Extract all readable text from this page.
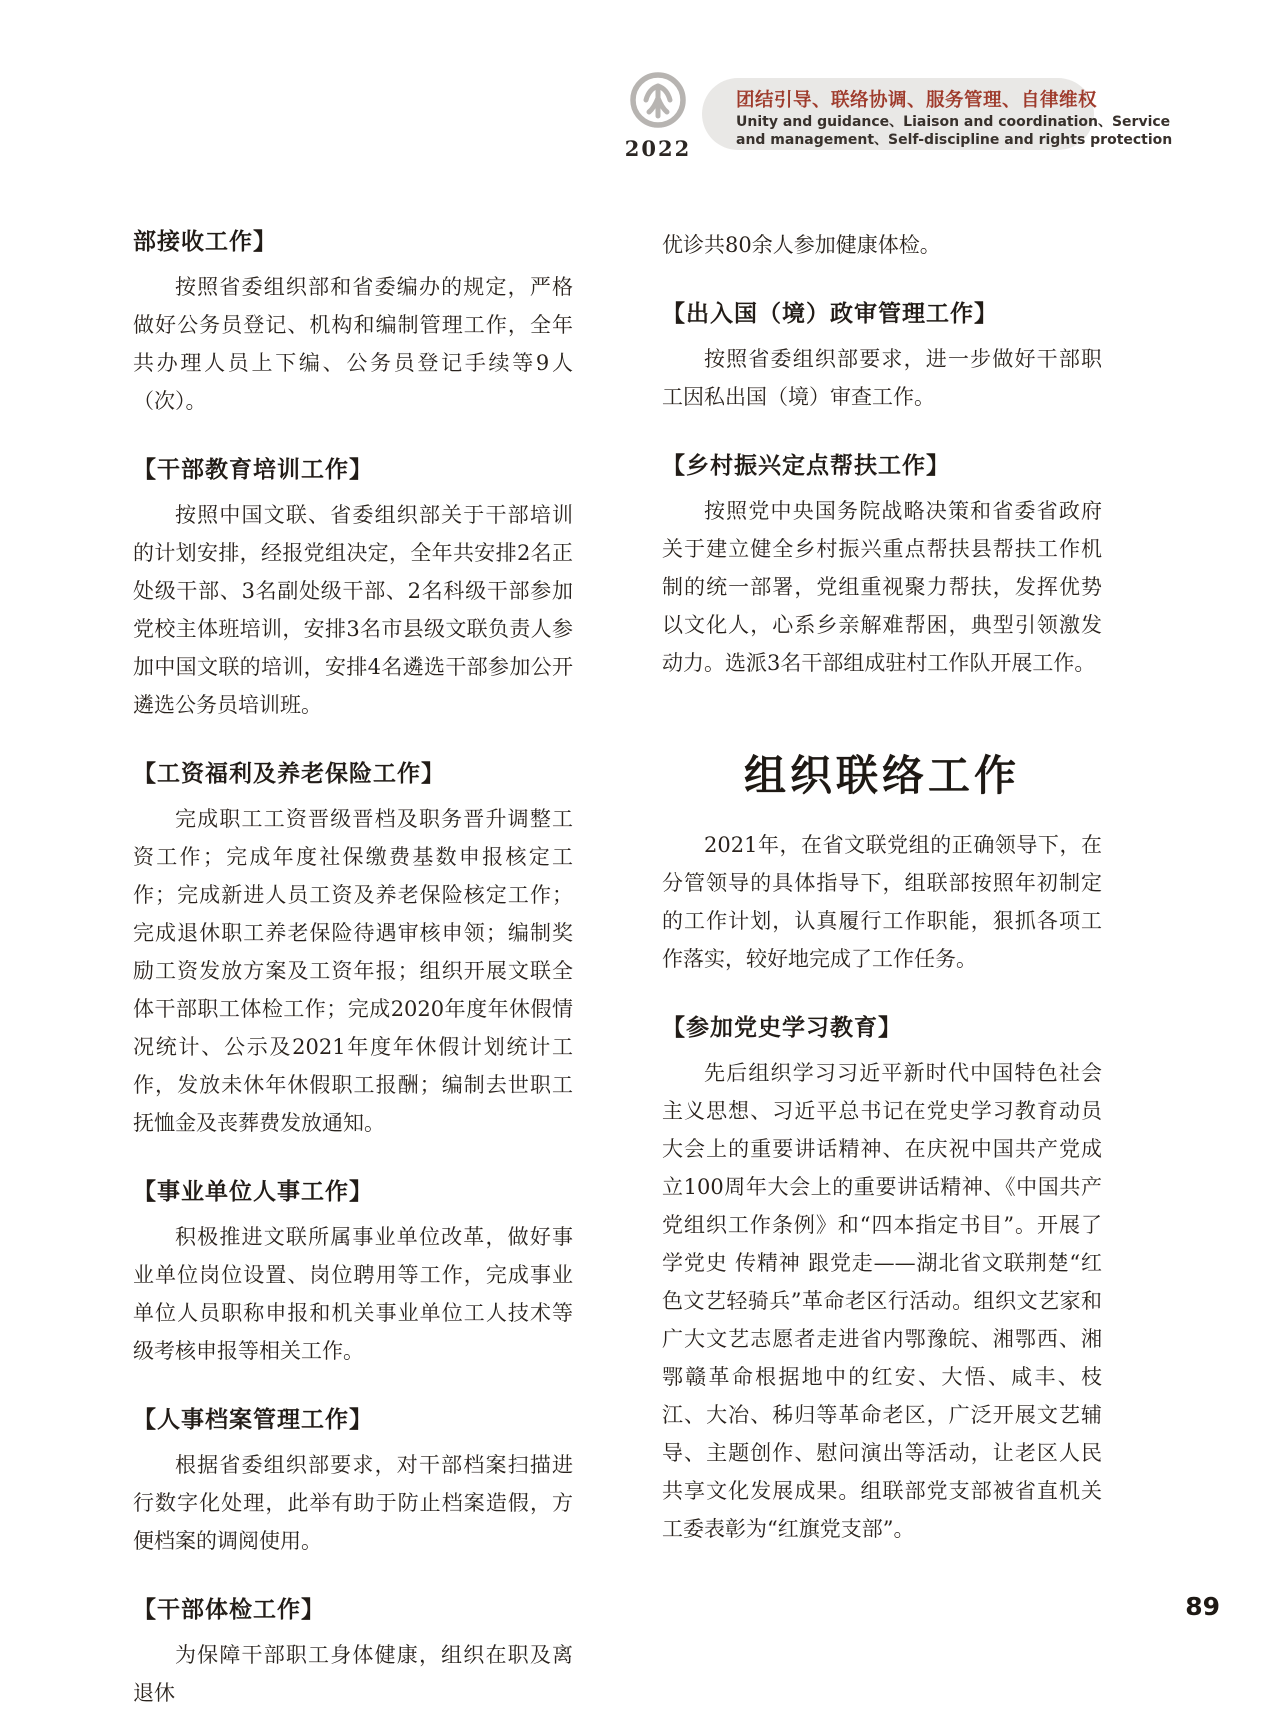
2022
团结引导、联络协调、服务管理、自律维权
Unity and guidance、Liaison and coordination、Service
and management、Self-discipline and rights protection
部接收工作】

按照省委组织部和省委编办的规定，严格做好公务员登记、机构和编制管理工作，全年共办理人员上下编、公务员登记手续等9人（次）。

【干部教育培训工作】

按照中国文联、省委组织部关于干部培训的计划安排，经报党组决定，全年共安排2名正处级干部、3名副处级干部、2名科级干部参加党校主体班培训，安排3名市县级文联负责人参加中国文联的培训，安排4名遴选干部参加公开遴选公务员培训班。

【工资福利及养老保险工作】

完成职工工资晋级晋档及职务晋升调整工资工作；完成年度社保缴费基数申报核定工作；完成新进人员工资及养老保险核定工作；完成退休职工养老保险待遇审核申领；编制奖励工资发放方案及工资年报；组织开展文联全体干部职工体检工作；完成2020年度年休假情况统计、公示及2021年度年休假计划统计工作，发放未休年休假职工报酬；编制去世职工抚恤金及丧葬费发放通知。

【事业单位人事工作】

积极推进文联所属事业单位改革，做好事业单位岗位设置、岗位聘用等工作，完成事业单位人员职称申报和机关事业单位工人技术等级考核申报等相关工作。

【人事档案管理工作】

根据省委组织部要求，对干部档案扫描进行数字化处理，此举有助于防止档案造假，方便档案的调阅使用。

【干部体检工作】

为保障干部职工身体健康，组织在职及离退休

优诊共80余人参加健康体检。

【出入国（境）政审管理工作】

按照省委组织部要求，进一步做好干部职工因私出国（境）审查工作。

【乡村振兴定点帮扶工作】

按照党中央国务院战略决策和省委省政府关于建立健全乡村振兴重点帮扶县帮扶工作机制的统一部署，党组重视聚力帮扶，发挥优势以文化人，心系乡亲解难帮困，典型引领激发动力。选派3名干部组成驻村工作队开展工作。

组织联络工作

2021年，在省文联党组的正确领导下，在分管领导的具体指导下，组联部按照年初制定的工作计划，认真履行工作职能，狠抓各项工作落实，较好地完成了工作任务。

【参加党史学习教育】

先后组织学习习近平新时代中国特色社会主义思想、习近平总书记在党史学习教育动员大会上的重要讲话精神、在庆祝中国共产党成立100周年大会上的重要讲话精神、《中国共产党组织工作条例》和“四本指定书目”。开展了学党史 传精神 跟党走——湖北省文联荆楚“红色文艺轻骑兵”革命老区行活动。组织文艺家和广大文艺志愿者走进省内鄂豫皖、湘鄂西、湘鄂赣革命根据地中的红安、大悟、咸丰、枝江、大冶、秭归等革命老区，广泛开展文艺辅导、主题创作、慰问演出等活动，让老区人民共享文化发展成果。组联部党支部被省直机关工委表彰为“红旗党支部”。

89
